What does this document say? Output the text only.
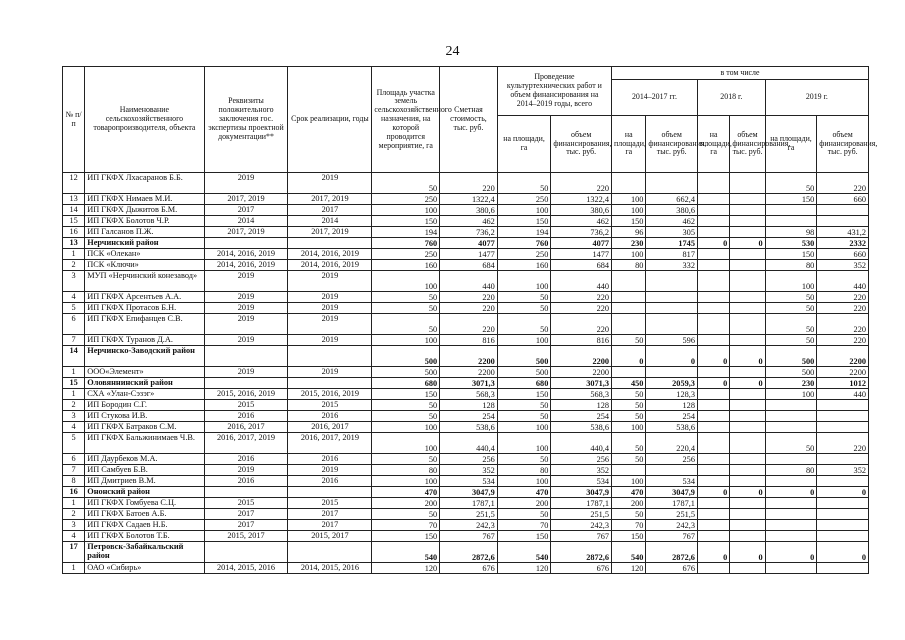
24
№ п/п	Наименование сельскохозяйственного товаропроизводителя, объекта	Реквизиты положительного заключения гос. экспертизы проектной документации**	Срок реализации, годы	Площадь участка земель сельскохозяйственного назначения, на которой проводится мероприятие, га	Сметная стоимость, тыс. руб.	Проведение культуртехнических работ и объем финансирования на 2014–2019 годы, всего		в том числе					
								2014–2017 гг.		2018 г.		2019 г.	
						на площади, га	объем финансирования, тыс. руб.	на площади, га	объем финансирования, тыс. руб.	на площади, га	объем финансирования, тыс. руб.	на площади, га	объем финансирования, тыс. руб.
12	ИП ГКФХ Лхасаранов Б.Б.	2019	2019	50	220	50	220					50	220
13	ИП ГКФХ Нимаев М.И.	2017, 2019	2017, 2019	250	1322,4	250	1322,4	100	662,4			150	660
14	ИП ГКФХ Дыжитов Б.М.	2017	2017	100	380,6	100	380,6	100	380,6				
15	ИП ГКФХ Болотов Ч.Р.	2014	2014	150	462	150	462	150	462				
16	ИП Галсанов П.Ж.	2017, 2019	2017, 2019	194	736,2	194	736,2	96	305			98	431,2
13	Нерчинский район			760	4077	760	4077	230	1745	0	0	530	2332
1	ПСК «Олекан»	2014, 2016, 2019	2014, 2016, 2019	250	1477	250	1477	100	817			150	660
2	ПСК «Ключи»	2014, 2016, 2019	2014, 2016, 2019	160	684	160	684	80	332			80	352
3	МУП «Нерчинский конезавод»	2019	2019	100	440	100	440					100	440
4	ИП ГКФХ Арсентьев А.А.	2019	2019	50	220	50	220					50	220
5	ИП ГКФХ Протасов Б.Н.	2019	2019	50	220	50	220					50	220
6	ИП ГКФХ Епифанцев С.В.	2019	2019	50	220	50	220					50	220
7	ИП ГКФХ Туранов Д.А.	2019	2019	100	816	100	816	50	596			50	220
14	Нерчинско-Заводский район			500	2200	500	2200	0	0	0	0	500	2200
1	ООО«Элемент»	2019	2019	500	2200	500	2200					500	2200
15	Оловяннинский район			680	3071,3	680	3071,3	450	2059,3	0	0	230	1012
1	СХА «Улан-Сэзэг»	2015, 2016, 2019	2015, 2016, 2019	150	568,3	150	568,3	50	128,3			100	440
2	ИП Бородин С.Г.	2015	2015	50	128	50	128	50	128				
3	ИП Стукова И.В.	2016	2016	50	254	50	254	50	254				
4	ИП ГКФХ Батраков С.М.	2016, 2017	2016, 2017	100	538,6	100	538,6	100	538,6				
5	ИП ГКФХ Бальжинимаев Ч.В.	2016, 2017, 2019	2016, 2017, 2019	100	440,4	100	440,4	50	220,4			50	220
6	ИП Даурбеков М.А.	2016	2016	50	256	50	256	50	256				
7	ИП Самбуев Б.В.	2019	2019	80	352	80	352					80	352
8	ИП Дмитриев В.М.	2016	2016	100	534	100	534	100	534				
16	Ононский район			470	3047,9	470	3047,9	470	3047,9	0	0	0	0
1	ИП ГКФХ Гомбуева С.Ц.	2015	2015	200	1787,1	200	1787,1	200	1787,1				
2	ИП ГКФХ Батоев А.Б.	2017	2017	50	251,5	50	251,5	50	251,5				
3	ИП ГКФХ Садаев Н.Б.	2017	2017	70	242,3	70	242,3	70	242,3				
4	ИП ГКФХ Болотов Т.Б.	2015, 2017	2015, 2017	150	767	150	767	150	767				
17	Петровск-Забайкальский район			540	2872,6	540	2872,6	540	2872,6	0	0	0	0
1	ОАО «Сибирь»	2014, 2015, 2016	2014, 2015, 2016	120	676	120	676	120	676				
